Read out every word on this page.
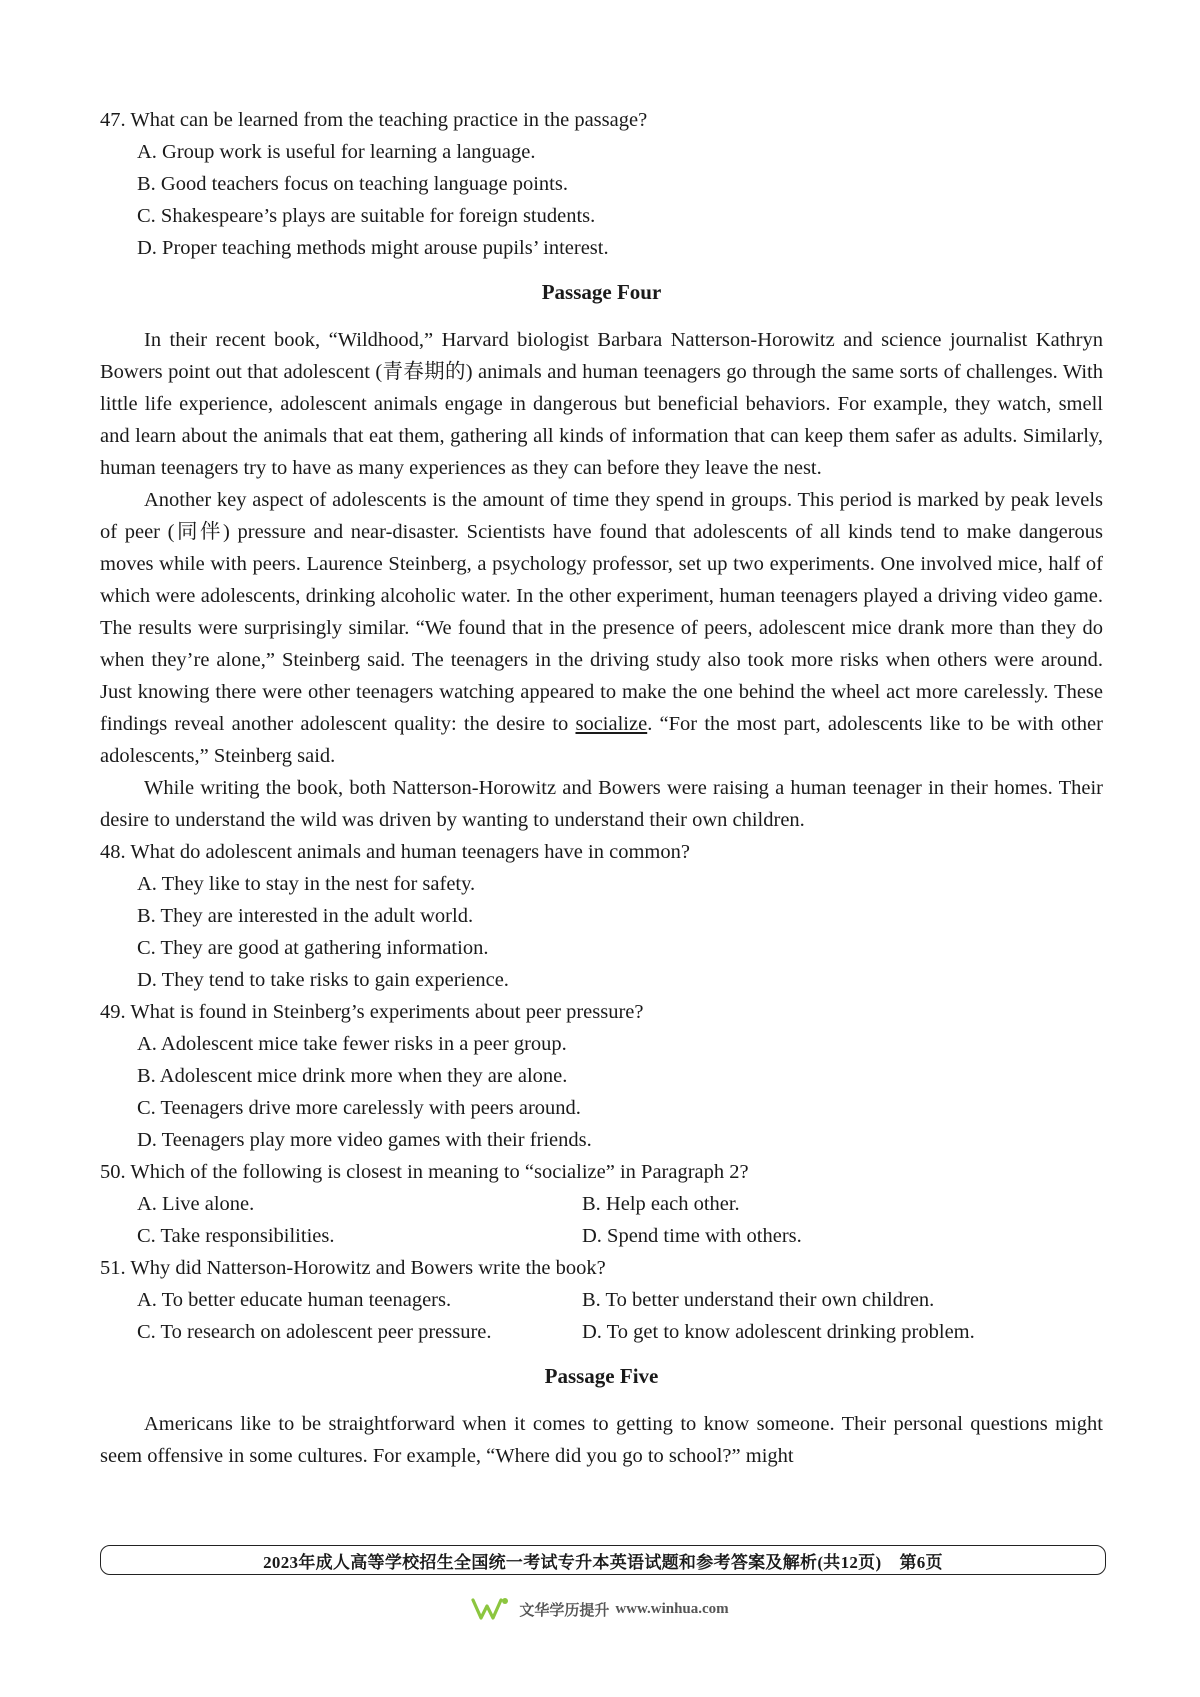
47. What can be learned from the teaching practice in the passage?
A. Group work is useful for learning a language.
B. Good teachers focus on teaching language points.
C. Shakespeare’s plays are suitable for foreign students.
D. Proper teaching methods might arouse pupils’ interest.
Passage Four

In their recent book, “Wildhood,” Harvard biologist Barbara Natterson-Horowitz and science journalist Kathryn Bowers point out that adolescent (青春期的) animals and human teenagers go through the same sorts of challenges. With little life experience, adolescent animals engage in dangerous but beneficial behaviors. For example, they watch, smell and learn about the animals that eat them, gathering all kinds of information that can keep them safer as adults. Similarly, human teenagers try to have as many experiences as they can before they leave the nest.

Another key aspect of adolescents is the amount of time they spend in groups. This period is marked by peak levels of peer (同伴) pressure and near-disaster. Scientists have found that adolescents of all kinds tend to make dangerous moves while with peers. Laurence Steinberg, a psychology professor, set up two experiments. One involved mice, half of which were adolescents, drinking alcoholic water. In the other experiment, human teenagers played a driving video game. The results were surprisingly similar. “We found that in the presence of peers, adolescent mice drank more than they do when they’re alone,” Steinberg said. The teenagers in the driving study also took more risks when others were around. Just knowing there were other teenagers watching appeared to make the one behind the wheel act more carelessly. These findings reveal another adolescent quality: the desire to socialize. “For the most part, adolescents like to be with other adolescents,” Steinberg said.

While writing the book, both Natterson-Horowitz and Bowers were raising a human teenager in their homes. Their desire to understand the wild was driven by wanting to understand their own children.

48. What do adolescent animals and human teenagers have in common?
A. They like to stay in the nest for safety.
B. They are interested in the adult world.
C. They are good at gathering information.
D. They tend to take risks to gain experience.
49. What is found in Steinberg’s experiments about peer pressure?
A. Adolescent mice take fewer risks in a peer group.
B. Adolescent mice drink more when they are alone.
C. Teenagers drive more carelessly with peers around.
D. Teenagers play more video games with their friends.
50. Which of the following is closest in meaning to “socialize” in Paragraph 2?
A. Live alone.	B. Help each other.
C. Take responsibilities.	D. Spend time with others.
51. Why did Natterson-Horowitz and Bowers write the book?
A. To better educate human teenagers.	B. To better understand their own children.
C. To research on adolescent peer pressure.	D. To get to know adolescent drinking problem.
Passage Five

Americans like to be straightforward when it comes to getting to know someone. Their personal questions might seem offensive in some cultures. For example, “Where did you go to school?” might

2023年成人高等学校招生全国统一考试专升本英语试题和参考答案及解析(共12页) 第6页
文华学历提升 www.winhua.com
